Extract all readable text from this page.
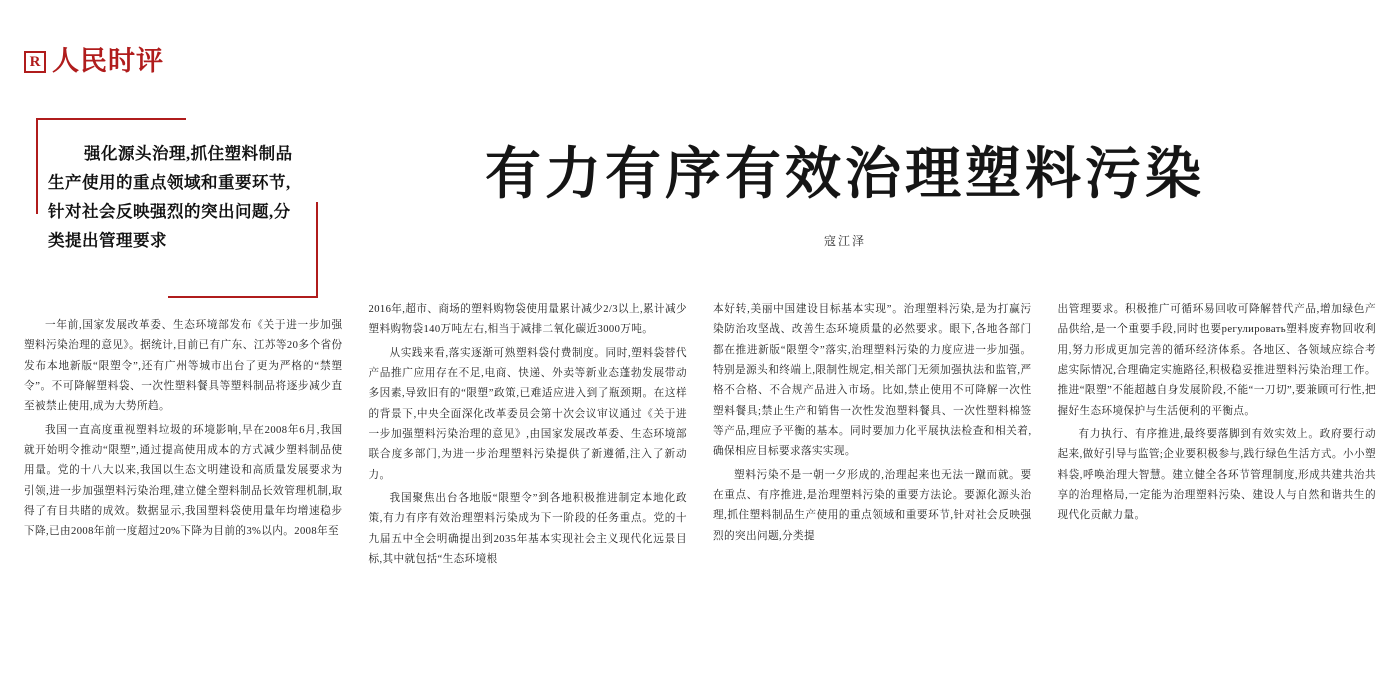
R 人民时评
有力有序有效治理塑料污染
寇江泽
强化源头治理,抓住塑料制品生产使用的重点领域和重要环节,针对社会反映强烈的突出问题,分类提出管理要求
一年前,国家发展改革委、生态环境部发布《关于进一步加强塑料污染治理的意见》。据统计,目前已有广东、江苏等20多个省份发布本地新版“限塑令”,还有广州等城市出台了更为严格的“禁塑令”。不可降解塑料袋、一次性塑料餐具等塑料制品将逐步减少直至被禁止使用,成为大势所趋。
我国一直高度重视塑料垃圾的环境影响,早在2008年6月,我国就开始明令推动“限塑”,通过提高使用成本的方式减少塑料制品使用量。党的十八大以来,我国以生态文明建设和高质量发展要求为引领,进一步加强塑料污染治理,建立健全塑料制品长效管理机制,取得了有目共睹的成效。数据显示,我国塑料袋使用量年均增速稳步下降,已由2008年前一度超过20%下降为目前的3%以内。2008年至
2016年,超市、商场的塑料购物袋使用量累计减少2/3以上,累计减少塑料购物袋140万吨左右,相当于减排二氧化碳近3000万吨。
从实践来看,落实逐渐可熟塑料袋付费制度。同时,塑料袋替代产品推广应用存在不足,电商、快递、外卖等新业态蓬勃发展带动多因素,导致旧有的“限塑”政策,已难适应进入到了瓶颈期。在这样的背景下,中央全面深化改革委员会第十次会议审议通过《关于进一步加强塑料污染治理的意见》,由国家发展改革委、生态环境部联合度多部门,为进一步治理塑料污染提供了新遵循,注入了新动力。
我国聚焦出台各地版“限塑令”到各地积极推进制定本地化政策,有力有序有效治理塑料污染成为下一阶段的任务重点。党的十九届五中全会明确提出到2035年基本实现社会主义现代化远景目标,其中就包括“生态环境根
本好转,美丽中国建设目标基本实现”。治理塑料污染,是为打赢污染防治攻坚战、改善生态环境质量的必然要求。眼下,各地各部门都在推进新版“限塑令”落实,治理塑料污染的力度应进一步加强。特别是源头和终端上,限制性规定,相关部门无须加强执法和监管,严格不合格、不合规产品进入市场。比如,禁止使用不可降解一次性塑料餐具;禁止生产和销售一次性发泡塑料餐具、一次性塑料棉签等产品,理应予平衡的基本。同时要加力化平展执法检查和相关着,确保相应目标要求落实实现。
塑料污染不是一朝一夕形成的,治理起来也无法一蹴而就。要在重点、有序推进,是治理塑料污染的重要方法论。要源化源头治理,抓住塑料制品生产使用的重点领域和重要环节,针对社会反映强烈的突出问题,分类提
出管理要求。积极推广可循环易回收可降解替代产品,增加绿色产品供给,是一个重要手段,同时也要регулировать塑料废弃物回收利用,努力形成更加完善的循环经济体系。各地区、各领域应综合考虑实际情况,合理确定实施路径,积极稳妥推进塑料污染治理工作。推进“限塑”不能超越自身发展阶段,不能“一刀切”,要兼顾可行性,把握好生态环境保护与生活便利的平衡点。
有力执行、有序推进,最终要落脚到有效实效上。政府要行动起来,做好引导与监管;企业要积极参与,践行绿色生活方式。小小塑料袋,呼唤治理大智慧。建立健全各环节管理制度,形成共建共治共享的治理格局,一定能为治理塑料污染、建设人与自然和谐共生的现代化贡献力量。
